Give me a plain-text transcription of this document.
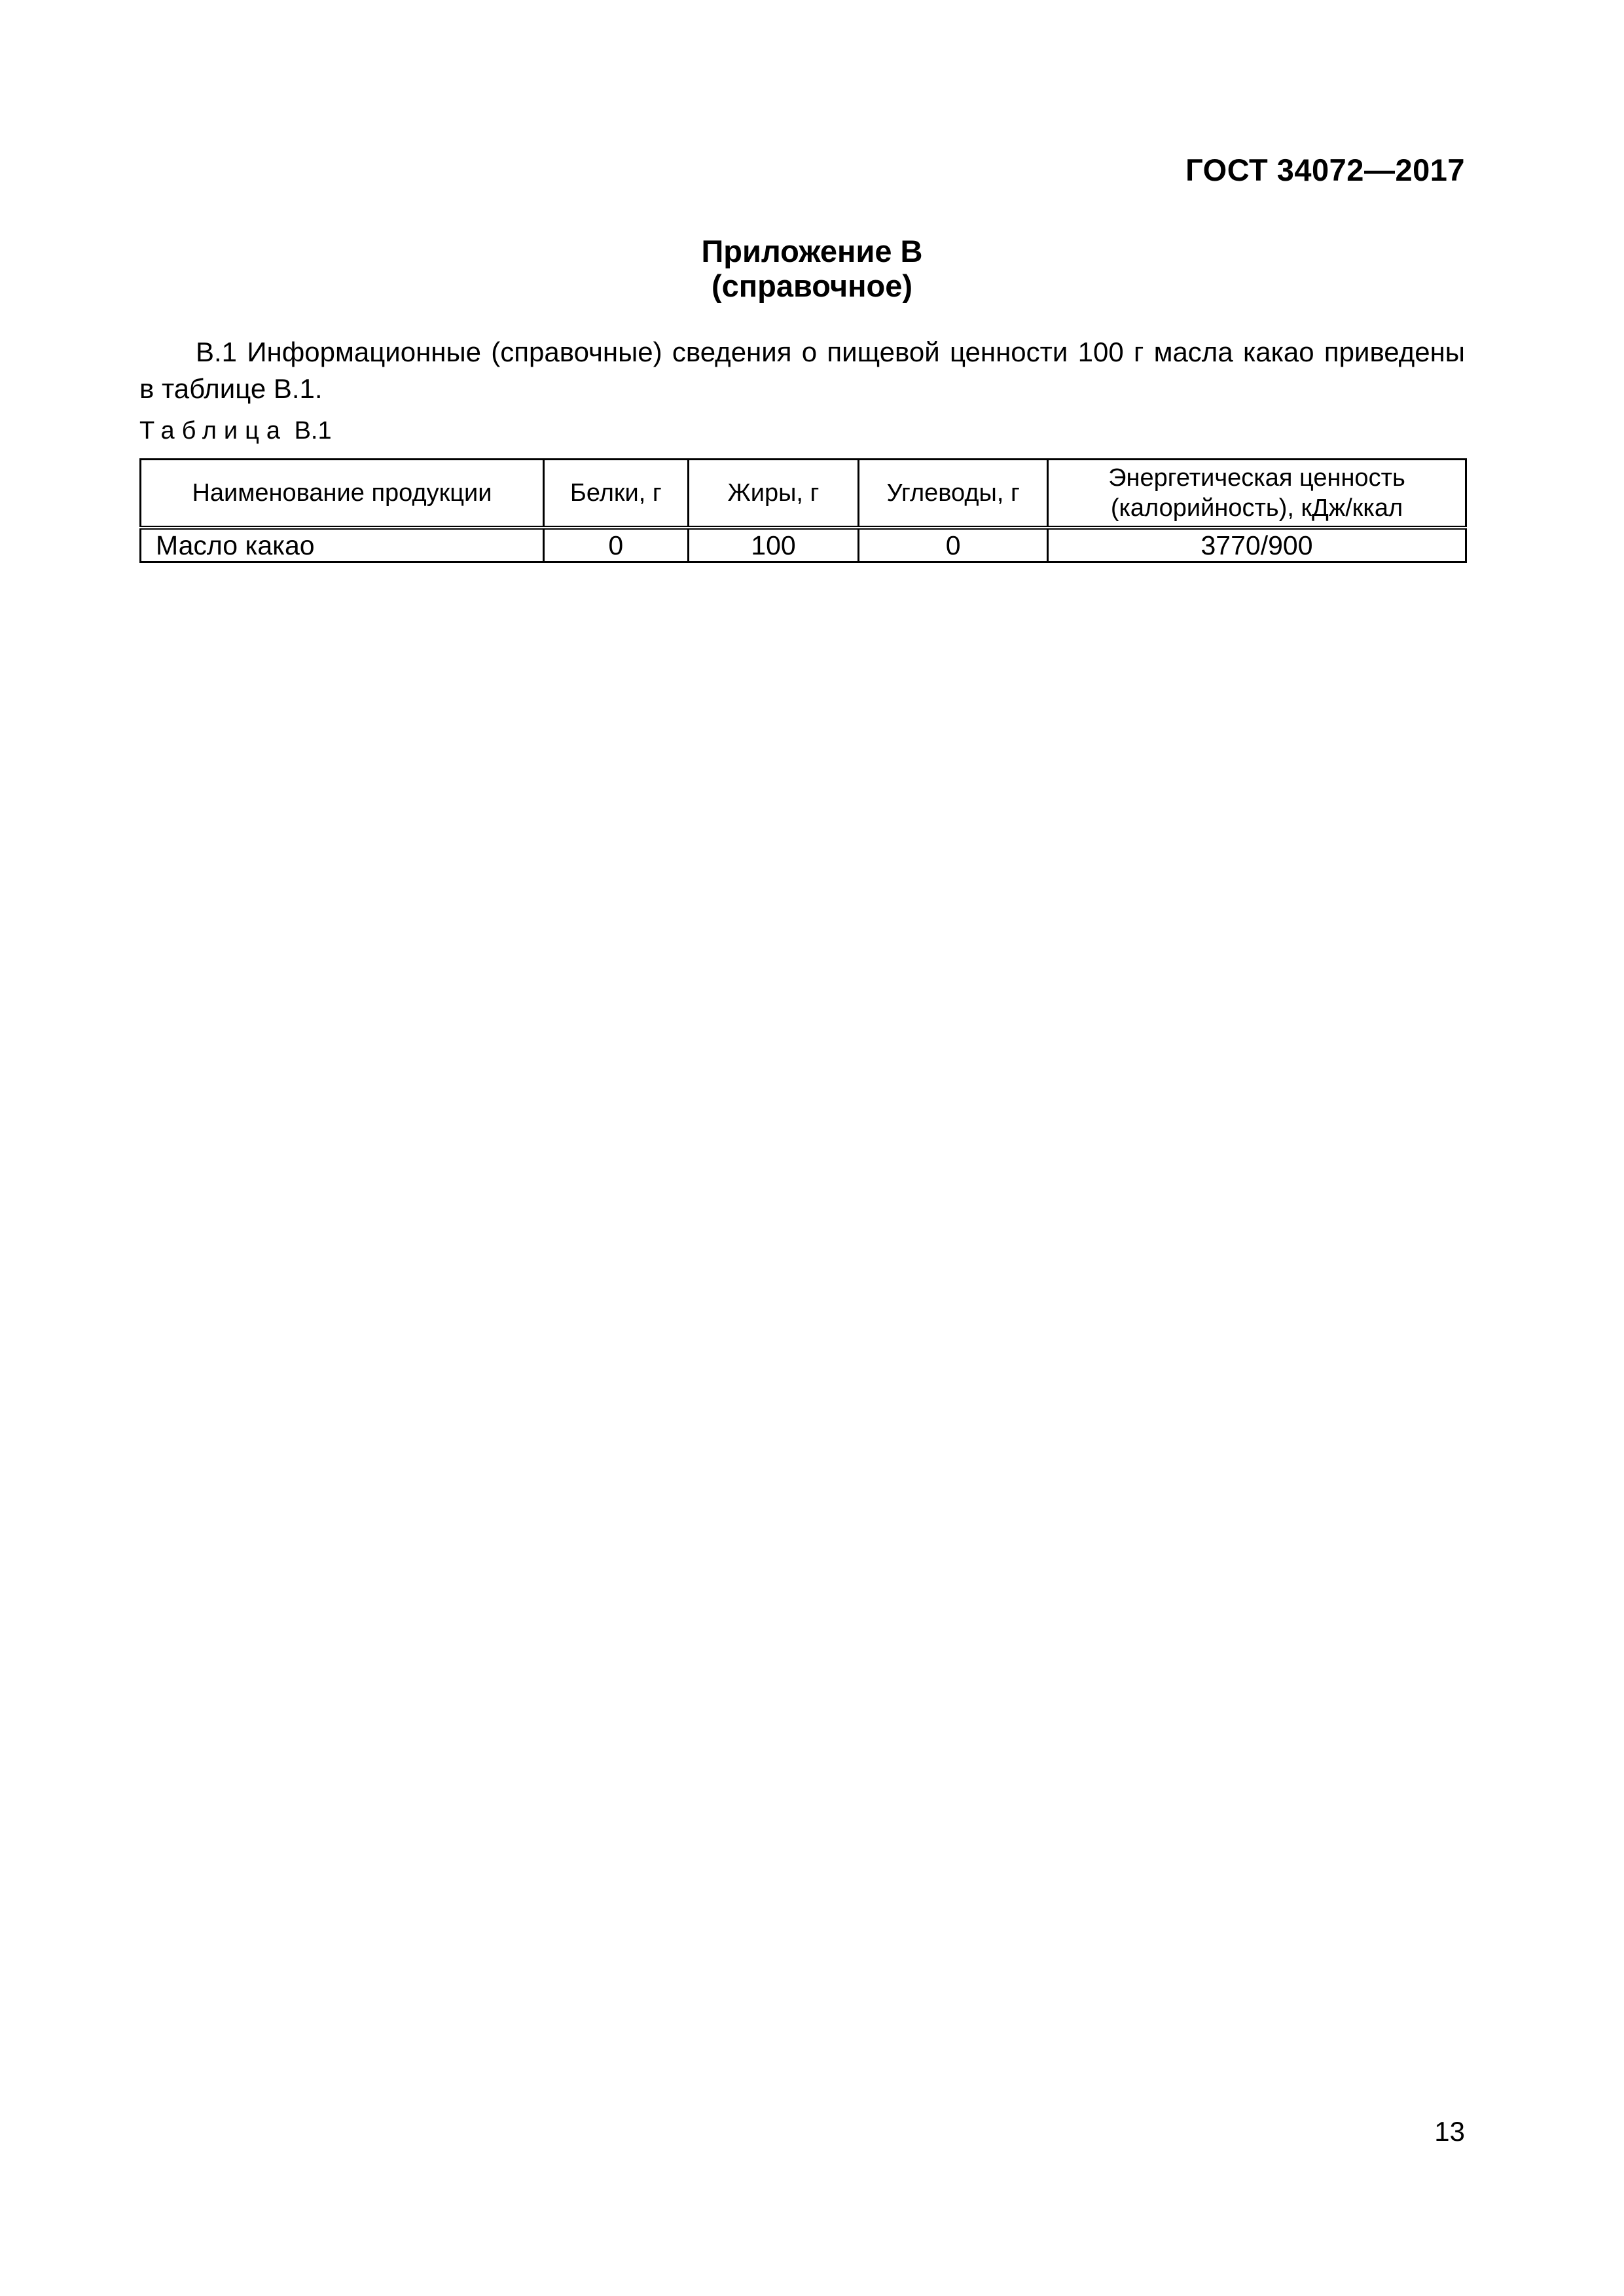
ГОСТ 34072—2017
Приложение В
(справочное)
В.1 Информационные (справочные) сведения о пищевой ценности 100 г масла какао приведены
в таблице В.1.
Таблица В.1
Наименование продукции	Белки, г	Жиры, г	Углеводы, г	Энергетическая ценность
(калорийность), кДж/ккал
Масло какао	0	100	0	3770/900
13
